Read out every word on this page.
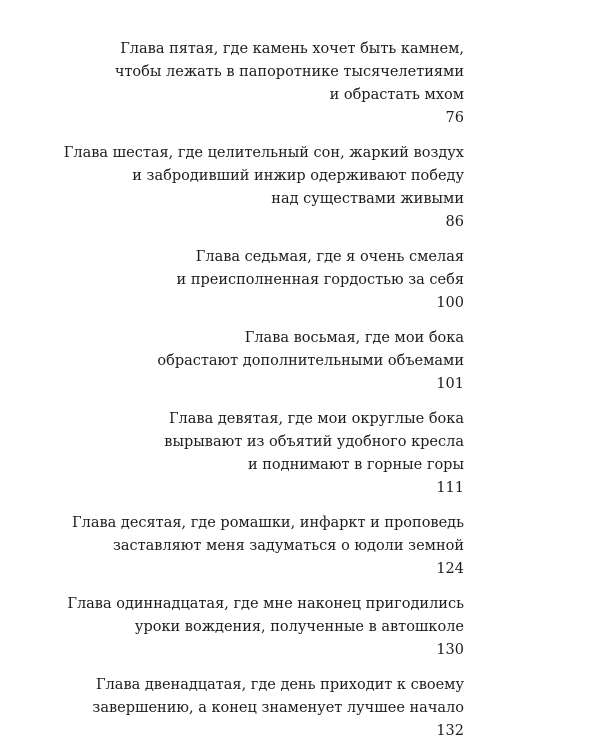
Глава пятая, где камень хочет быть камнем,
чтобы лежать в папоротнике тысячелетиями
и обрастать мхом
76
Глава шестая, где целительный сон, жаркий воздух
и забродивший инжир одерживают победу
над существами живыми
86
Глава седьмая, где я очень смелая
и преисполненная гордостью за себя
100
Глава восьмая, где мои бока
обрастают дополнительными объемами
101
Глава девятая, где мои округлые бока
вырывают из объятий удобного кресла
и поднимают в горные горы
111
Глава десятая, где ромашки, инфаркт и проповедь
заставляют меня задуматься о юдоли земной
124
Глава одиннадцатая, где мне наконец пригодились
уроки вождения, полученные в автошколе
130
Глава двенадцатая, где день приходит к своему
завершению, а конец знаменует лучшее начало
132
